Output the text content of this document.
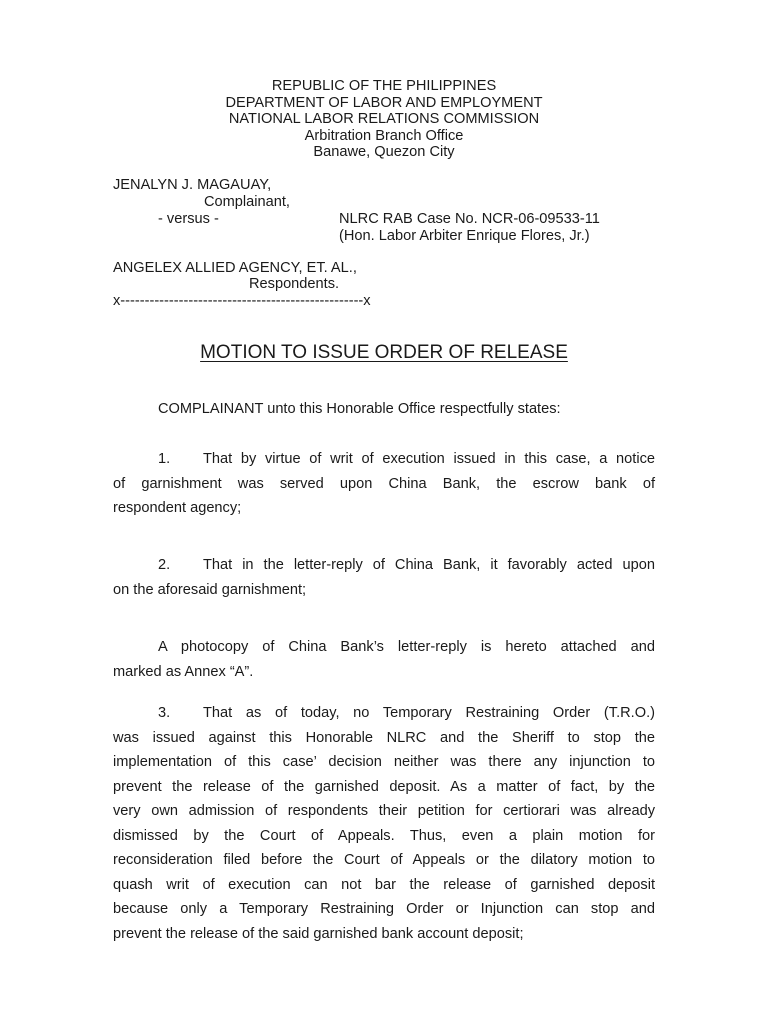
REPUBLIC OF THE PHILIPPINES
DEPARTMENT OF LABOR AND EMPLOYMENT
NATIONAL LABOR RELATIONS COMMISSION
Arbitration Branch Office
Banawe, Quezon City
JENALYN J. MAGAUAY,
Complainant,
- versus -	NLRC RAB Case No. NCR-06-09533-11
(Hon. Labor Arbiter Enrique Flores, Jr.)
ANGELEX ALLIED AGENCY, ET. AL.,
Respondents.
x--------------------------------------------------x
MOTION TO ISSUE ORDER OF RELEASE
COMPLAINANT unto this Honorable Office respectfully states:
1. That by virtue of writ of execution issued in this case, a notice
of garnishment was served upon China Bank, the escrow bank of
respondent agency;
2. That in the letter-reply of China Bank, it favorably acted upon
on the aforesaid garnishment;
A photocopy of China Bank’s letter-reply is hereto attached and
marked as Annex “A”.
3. That as of today, no Temporary Restraining Order (T.R.O.)
was issued against this Honorable NLRC and the Sheriff to stop the
implementation of this case’ decision neither was there any injunction to
prevent the release of the garnished deposit. As a matter of fact, by the
very own admission of respondents their petition for certiorari was already
dismissed by the Court of Appeals. Thus, even a plain motion for
reconsideration filed before the Court of Appeals or the dilatory motion to
quash writ of execution can not bar the release of garnished deposit
because only a Temporary Restraining Order or Injunction can stop and
prevent the release of the said garnished bank account deposit;
